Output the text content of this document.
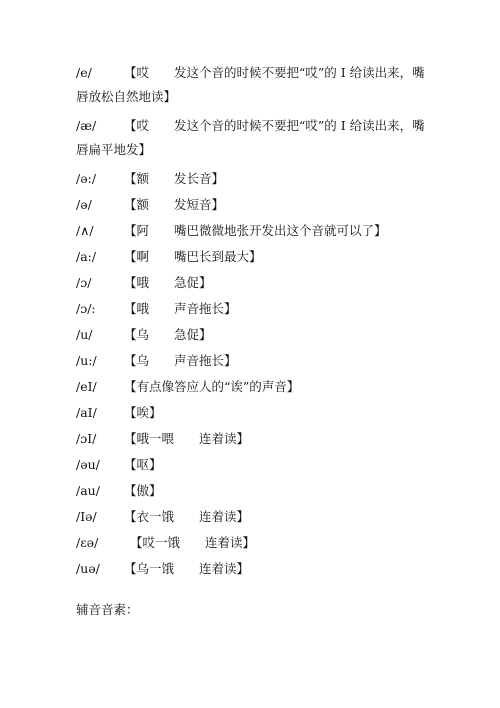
/e/	【哎　　发这个音的时候不要把“哎”的 I 给读出来，嘴
唇放松自然地读】
/æ/ 【哎　　发这个音的时候不要把“哎”的 I 给读出来，嘴
唇扁平地发】
/ə:/ 【额　　发长音】
/ə/	【额　　发短音】
/∧/ 【阿　　嘴巴微微地张开发出这个音就可以了】
/a:/ 【啊　　嘴巴长到最大】
/ɔ/	【哦　　急促】
/ɔ/: 【哦　　声音拖长】
/u/	【乌　　急促】
/u:/ 【乌　　声音拖长】
/eI/ 【有点像答应人的“诶”的声音】
/aI/ 【唉】
/ɔI/ 【哦一喂　　连着读】
/əu/ 【呕】
/au/ 【傲】
/Iə/ 【衣一饿　　连着读】
/εə/	【哎一饿　　连着读】
/uə/ 【乌一饿　　连着读】
辅音音素：
